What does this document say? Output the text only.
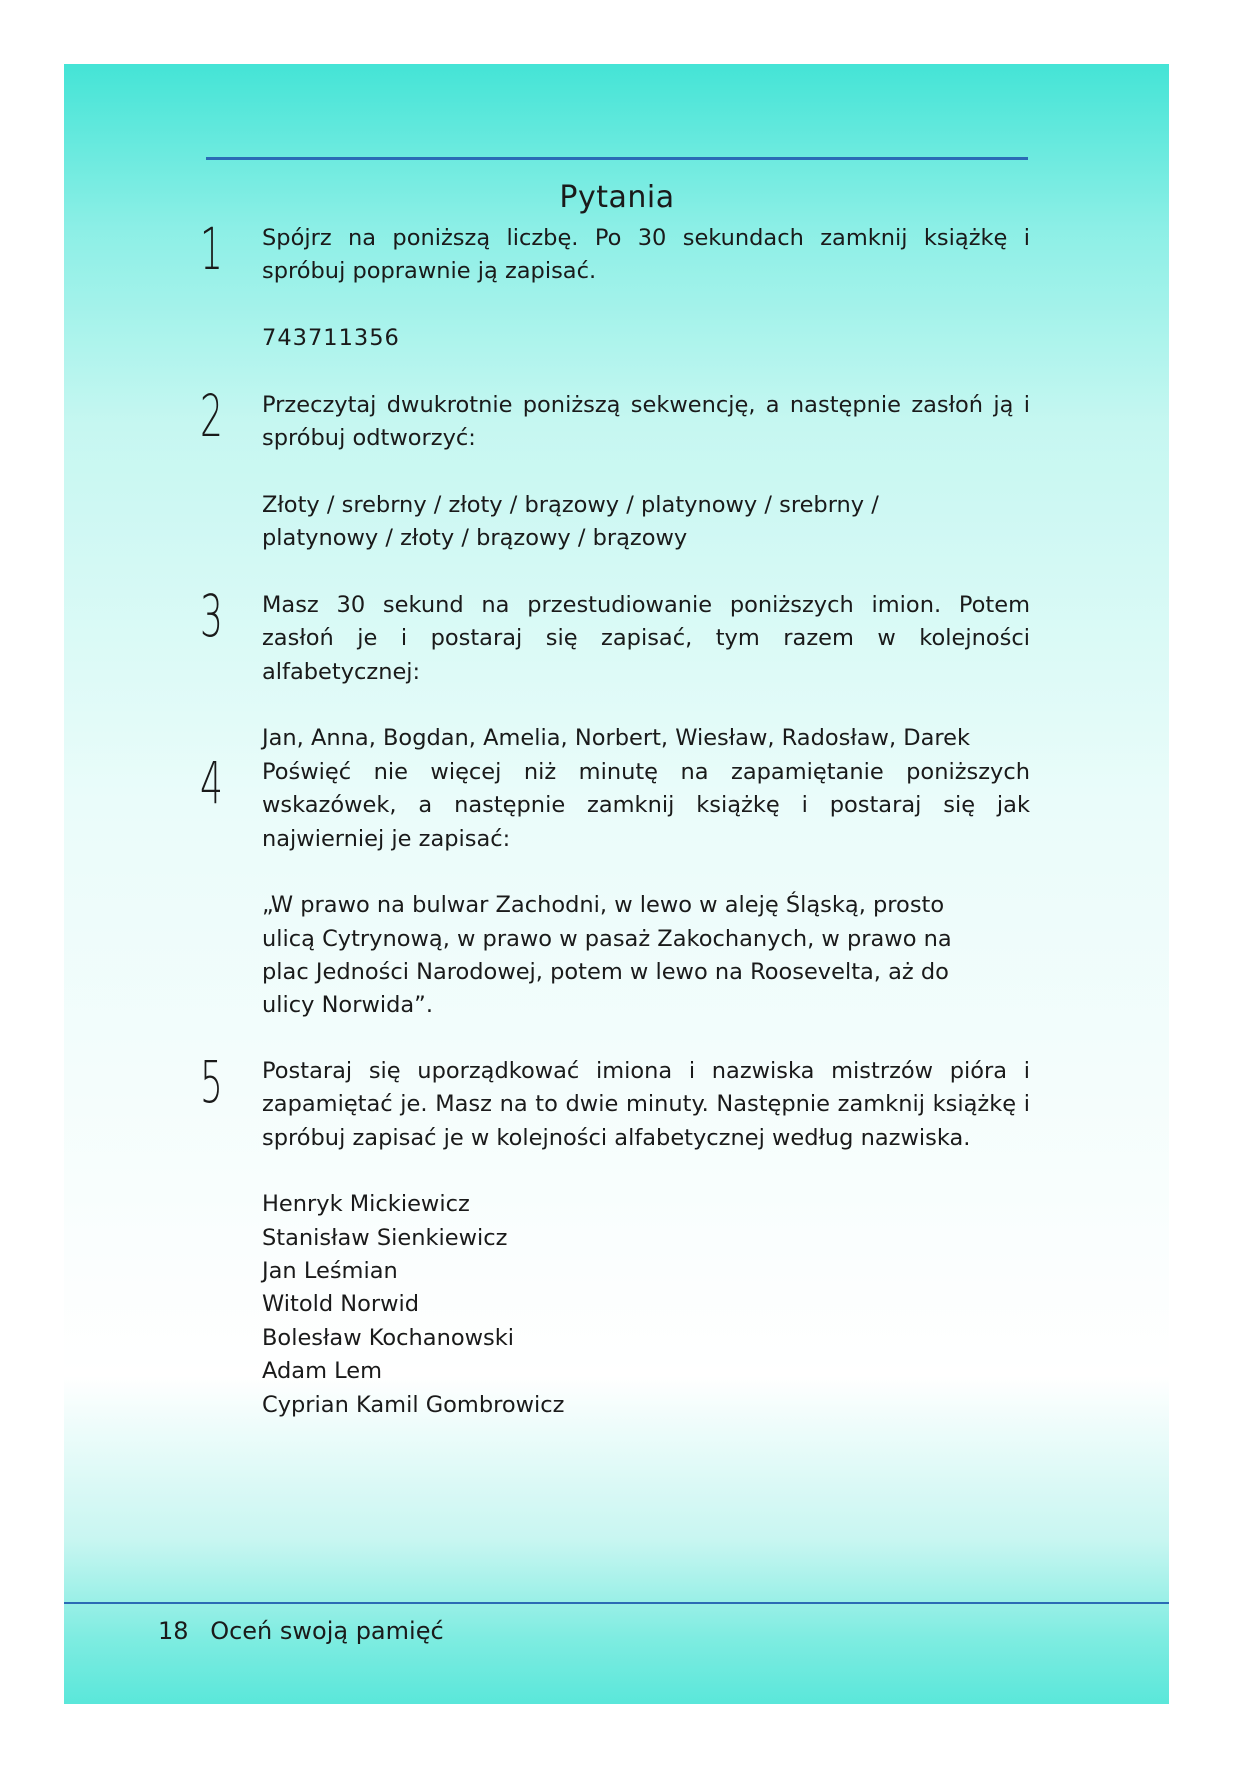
Pytania
1 Spójrz na poniższą liczbę. Po 30 sekundach zamknij książkę i spróbuj poprawnie ją zapisać.

743711356
2 Przeczytaj dwukrotnie poniższą sekwencję, a następnie zasłoń ją i spróbuj odtworzyć:

Złoty / srebrny / złoty / brązowy / platynowy / srebrny /
platynowy / złoty / brązowy / brązowy
3 Masz 30 sekund na przestudiowanie poniższych imion. Potem zasłoń je i postaraj się zapisać, tym razem w kolejności alfabetycznej:

Jan, Anna, Bogdan, Amelia, Norbert, Wiesław, Radosław, Darek
4 Poświęć nie więcej niż minutę na zapamiętanie poniższych wskazówek, a następnie zamknij książkę i postaraj się jak najwierniej je zapisać:

„W prawo na bulwar Zachodni, w lewo w aleję Śląską, prosto
ulicą Cytrynową, w prawo w pasaż Zakochanych, w prawo na
plac Jedności Narodowej, potem w lewo na Roosevelta, aż do
ulicy Norwida”.
5 Postaraj się uporządkować imiona i nazwiska mistrzów pióra i zapamiętać je. Masz na to dwie minuty. Następnie zamknij książkę i spróbuj zapisać je w kolejności alfabetycznej według nazwiska.

Henryk Mickiewicz
Stanisław Sienkiewicz
Jan Leśmian
Witold Norwid
Bolesław Kochanowski
Adam Lem
Cyprian Kamil Gombrowicz
18 Oceń swoją pamięć
